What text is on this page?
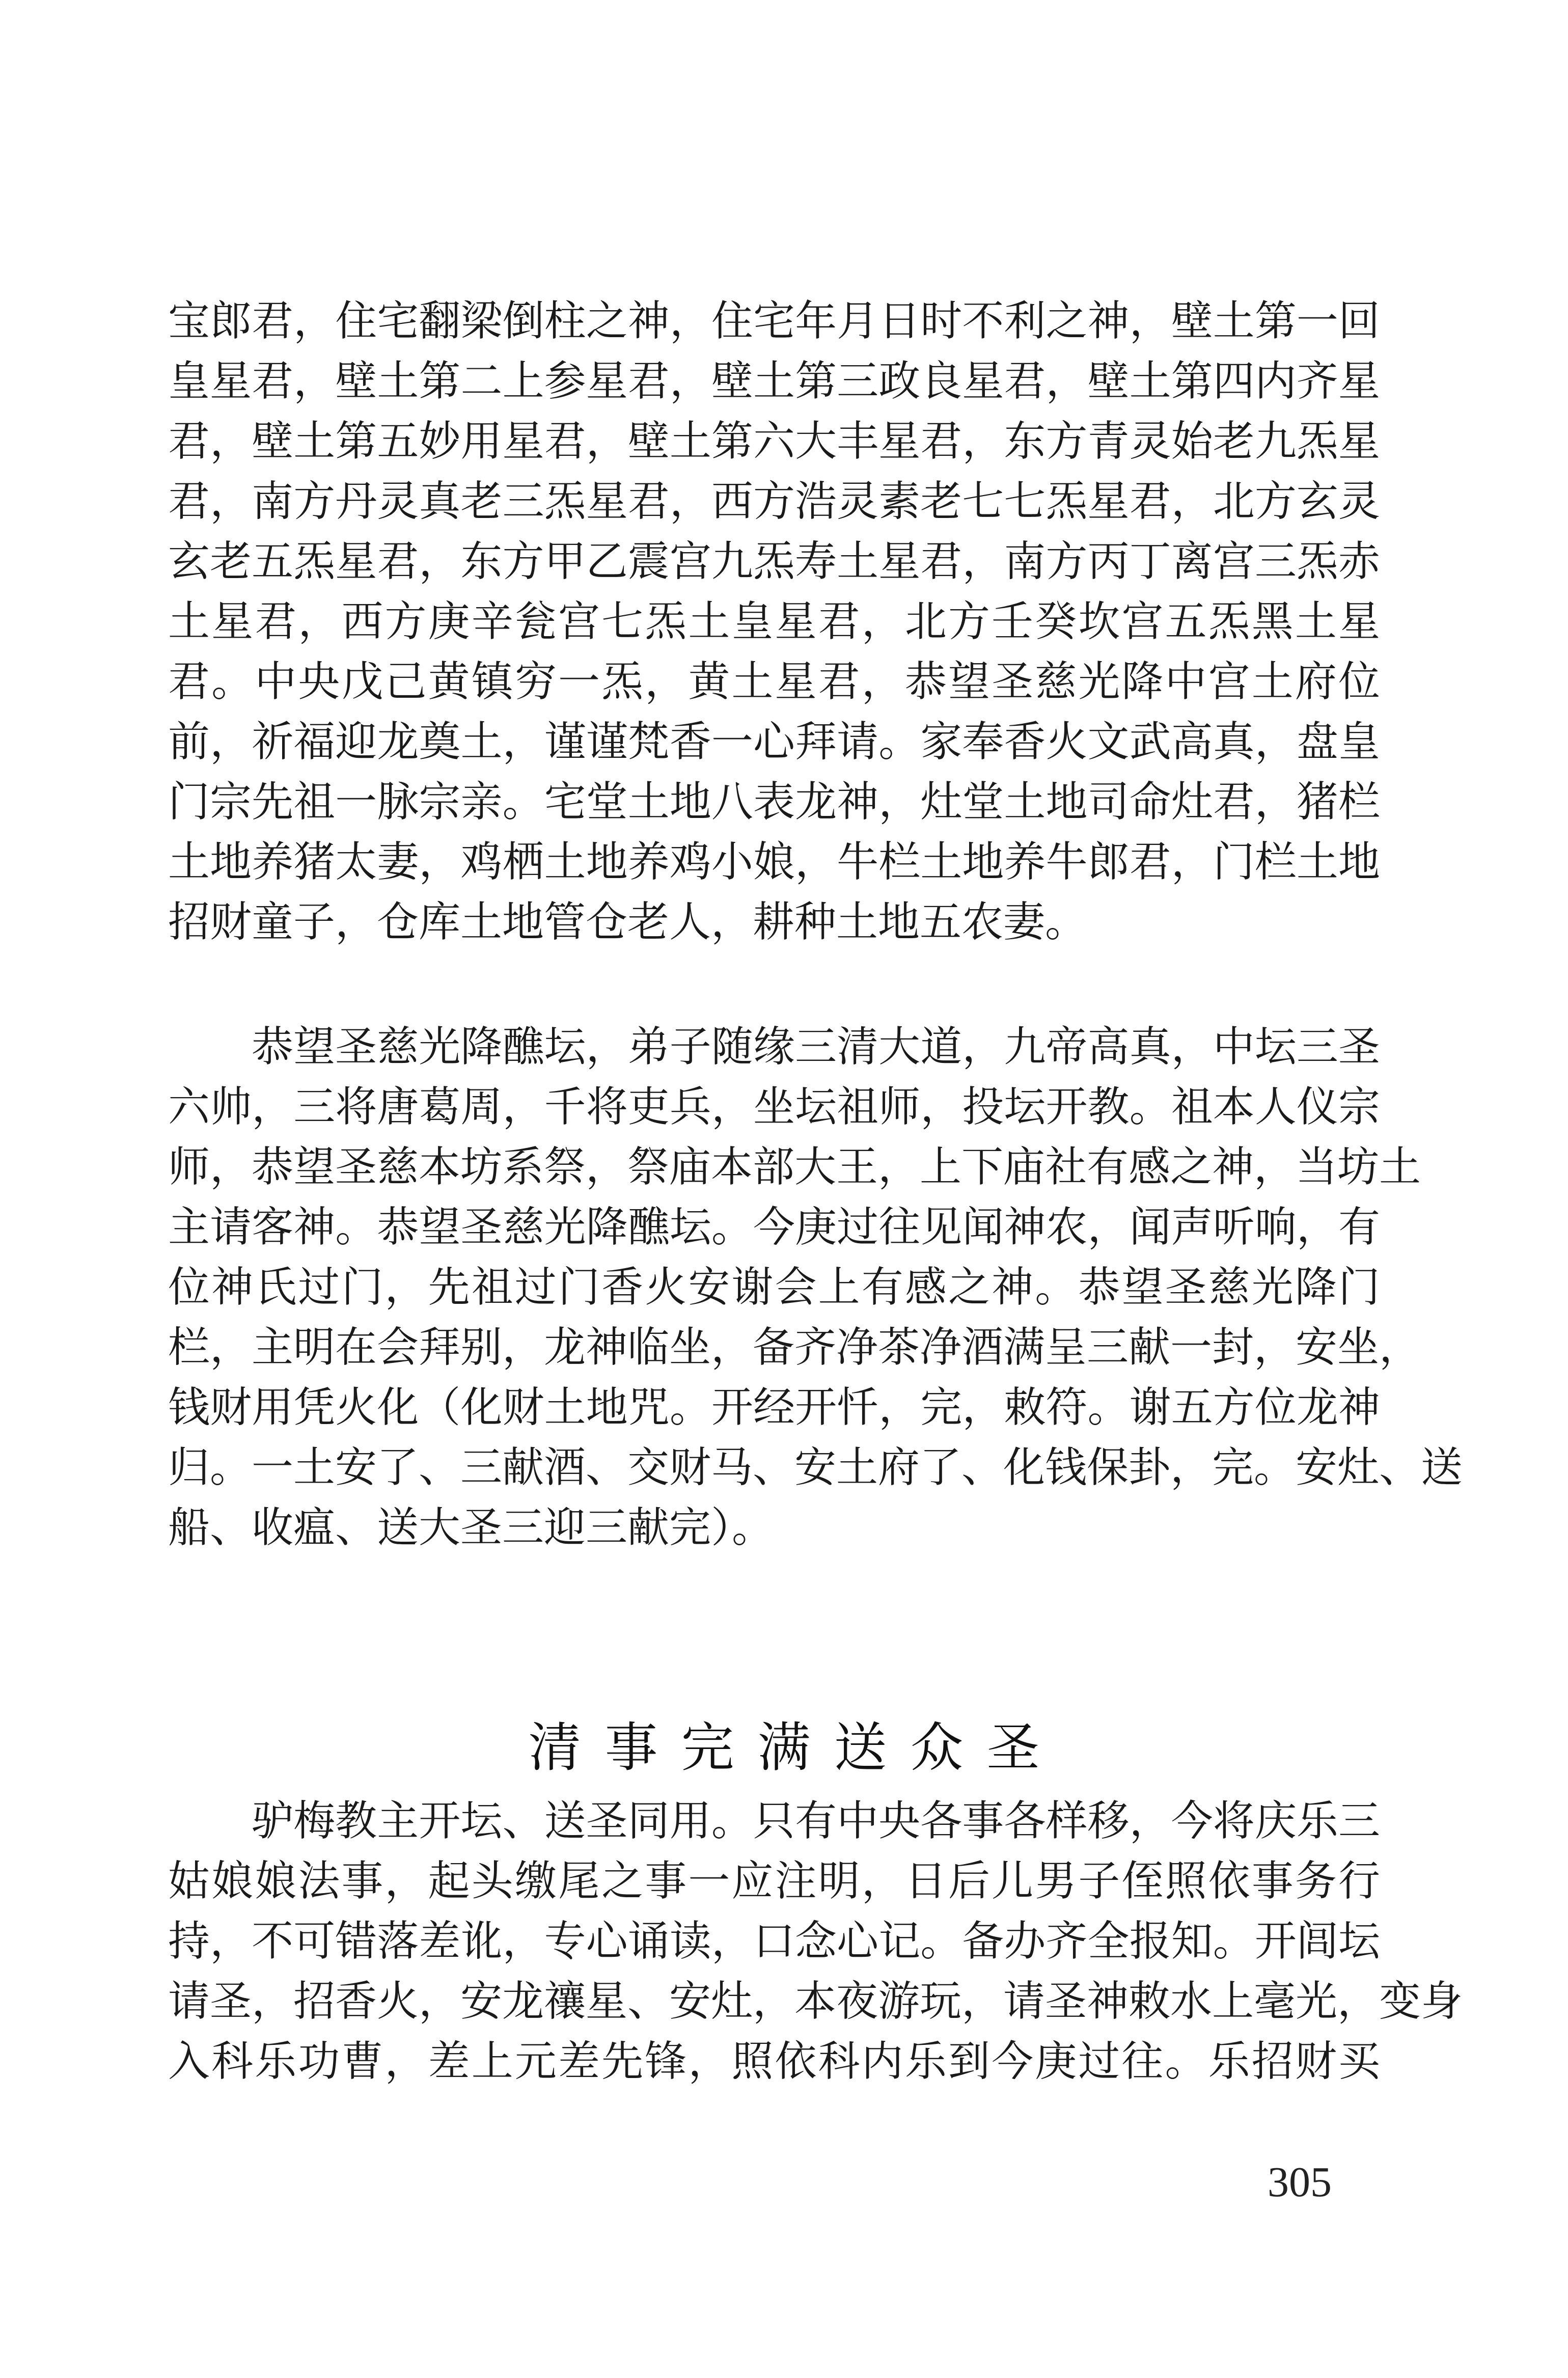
宝郎君，住宅翻梁倒柱之神，住宅年月日时不利之神，壁土第一回
皇星君，壁土第二上参星君，壁土第三政良星君，壁土第四内齐星
君，壁土第五妙用星君，壁土第六大丰星君，东方青灵始老九炁星
君，南方丹灵真老三炁星君，西方浩灵素老七七炁星君，北方玄灵
玄老五炁星君，东方甲乙震宫九炁寿土星君，南方丙丁离宫三炁赤
土星君，西方庚辛瓮宫七炁土皇星君，北方壬癸坎宫五炁黑土星
君。中央戊己黄镇穷一炁，黄土星君，恭望圣慈光降中宫土府位
前，祈福迎龙奠土，谨谨梵香一心拜请。家奉香火文武高真，盘皇
门宗先祖一脉宗亲。宅堂土地八表龙神，灶堂土地司命灶君，猪栏
土地养猪太妻，鸡栖土地养鸡小娘，牛栏土地养牛郎君，门栏土地
招财童子，仓库土地管仓老人，耕种土地五农妻。
恭望圣慈光降醮坛，弟子随缘三清大道，九帝高真，中坛三圣
六帅，三将唐葛周，千将吏兵，坐坛祖师，投坛开教。祖本人仪宗
师，恭望圣慈本坊系祭，祭庙本部大王，上下庙社有感之神，当坊土
主请客神。恭望圣慈光降醮坛。今庚过往见闻神农，闻声听响，有
位神氏过门，先祖过门香火安谢会上有感之神。恭望圣慈光降门
栏，主明在会拜别，龙神临坐，备齐净茶净酒满呈三献一封，安坐，
钱财用凭火化（化财土地咒。开经开忏，完，敕符。谢五方位龙神
归。一土安了、三献酒、交财马、安土府了、化钱保卦，完。安灶、送
船、收瘟、送大圣三迎三献完）。
清事完满送众圣
驴梅教主开坛、送圣同用。只有中央各事各样移，今将庆乐三
姑娘娘法事，起头缴尾之事一应注明，日后儿男子侄照依事务行
持，不可错落差讹，专心诵读，口念心记。备办齐全报知。开闾坛
请圣，招香火，安龙禳星、安灶，本夜游玩，请圣神敕水上毫光，变身
入科乐功曹，差上元差先锋，照依科内乐到今庚过往。乐招财买
305
